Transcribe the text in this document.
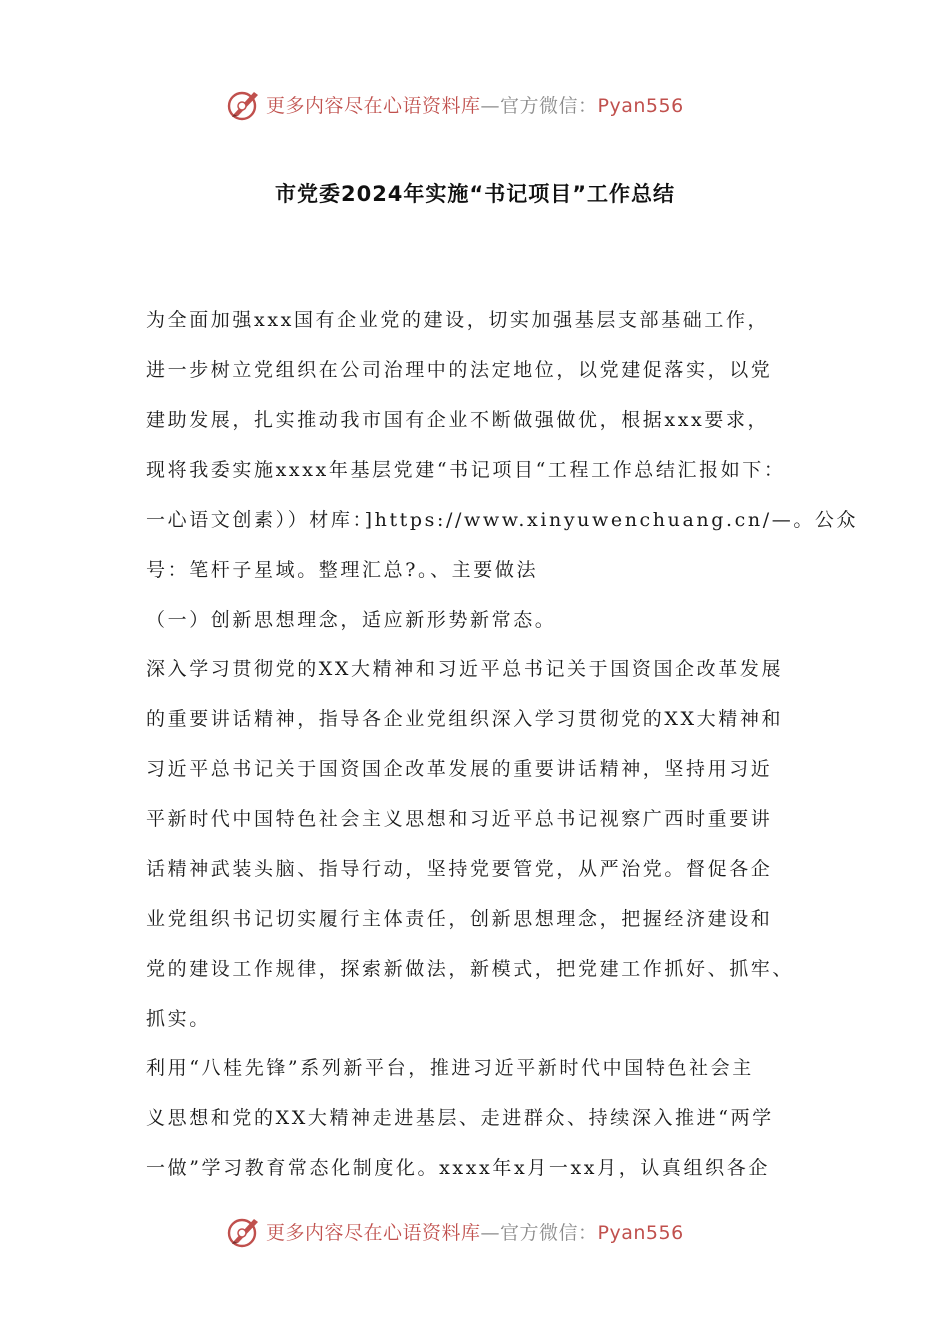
更多内容尽在心语资料库—官方微信：Pyan556
市党委2024年实施“书记项目”工作总结
为全面加强xxx国有企业党的建设，切实加强基层支部基础工作，
进一步树立党组织在公司治理中的法定地位，以党建促落实，以党
建助发展，扎实推动我市国有企业不断做强做优，根据xxx要求，
现将我委实施xxxx年基层党建“书记项目“工程工作总结汇报如下：
一心语文创素））材库：]https://www.xinyuwenchuang.cn/—。公众
号：笔杆子星域。整理汇总?。、主要做法
（一）创新思想理念，适应新形势新常态。
深入学习贯彻党的XX大精神和习近平总书记关于国资国企改革发展
的重要讲话精神，指导各企业党组织深入学习贯彻党的XX大精神和
习近平总书记关于国资国企改革发展的重要讲话精神，坚持用习近
平新时代中国特色社会主义思想和习近平总书记视察广西时重要讲
话精神武装头脑、指导行动，坚持党要管党，从严治党。督促各企
业党组织书记切实履行主体责任，创新思想理念，把握经济建设和
党的建设工作规律，探索新做法，新模式，把党建工作抓好、抓牢、
抓实。
利用“八桂先锋”系列新平台，推进习近平新时代中国特色社会主
义思想和党的XX大精神走进基层、走进群众、持续深入推进“两学
一做”学习教育常态化制度化。xxxx年x月一xx月，认真组织各企
更多内容尽在心语资料库—官方微信：Pyan556
